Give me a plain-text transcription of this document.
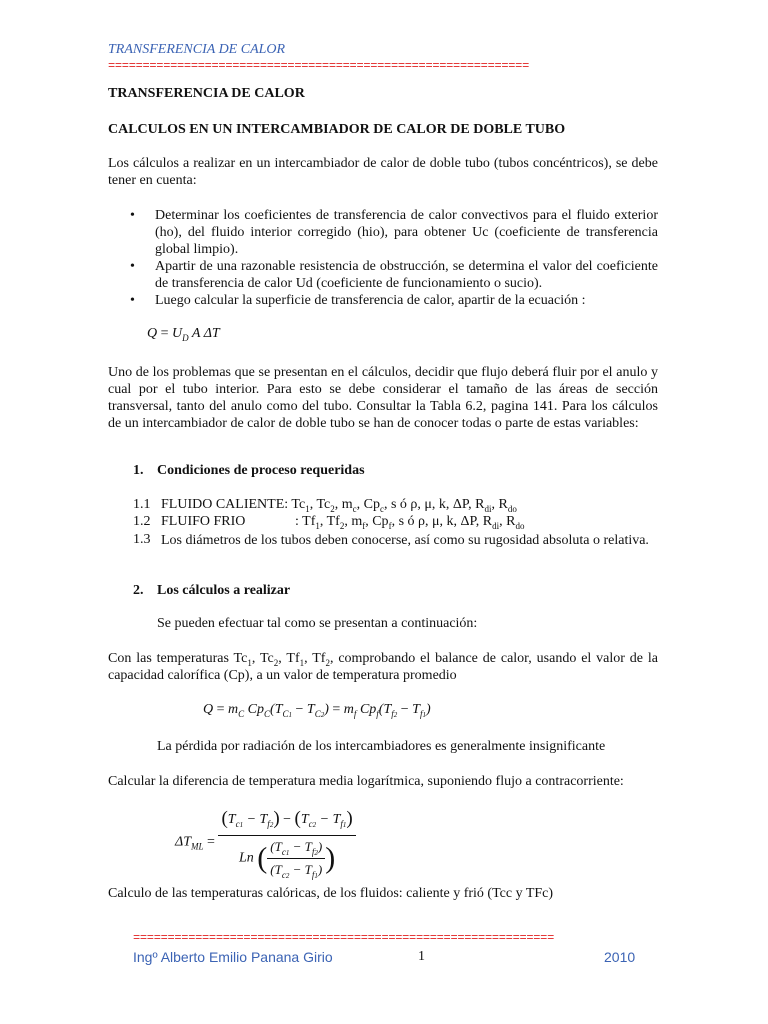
TRANSFERENCIA DE CALOR
=============================================================
TRANSFERENCIA DE CALOR
CALCULOS EN UN INTERCAMBIADOR DE CALOR DE DOBLE TUBO
Los cálculos a realizar en un intercambiador de calor de doble tubo (tubos concéntricos), se debe tener en cuenta:
• Determinar los coeficientes de transferencia de calor convectivos para el fluido exterior (ho), del fluido interior corregido (hio), para obtener Uc (coeficiente de transferencia global limpio).
• Apartir de una razonable resistencia de obstrucción, se determina el valor del coeficiente de transferencia de calor Ud (coeficiente de funcionamiento o sucio).
• Luego calcular la superficie de transferencia de calor, apartir de la ecuación :
$Q = U_D$ A ΔT
Uno de los problemas que se presentan en el cálculos, decidir que flujo deberá fluir por el anulo y cual por el tubo interior. Para esto se debe considerar el tamaño de las áreas de sección transversal, tanto del anulo como del tubo. Consultar la Tabla 6.2, pagina 141. Para los cálculos de un intercambiador de calor de doble tubo se han de conocer todas o parte de estas variables:
1. Condiciones de proceso requeridas
1.1 FLUIDO CALIENTE: $Tc_1$, $Tc_2$, $m_c$, $Cp_c$, s ó ρ, μ, k, ΔP, $R_{di}$, $R_{do}$
1.2 FLUIFO FRIO	: $Tf_1$, $Tf_2$, $m_f$, $Cp_f$, s ó ρ, μ, k, ΔP, $R_{di}$, $R_{do}$
1.3 Los diámetros de los tubos deben conocerse, así como su rugosidad absoluta o relativa.
2. Los cálculos a realizar
Se pueden efectuar tal como se presentan a continuación:
Con las temperaturas $Tc_1$, $Tc_2$, $Tf_1$, $Tf_2$, comprobando el balance de calor, usando el valor de la capacidad calorífica (Cp), a un valor de temperatura promedio
$Q = m_C$ $Cp_C(T_{C1} - T_{C2}) = m_f$ $Cp_f(T_{f2} - T_{f1})$
La pérdida por radiación de los intercambiadores es generalmente insignificante
Calcular la diferencia de temperatura media logarítmica, suponiendo flujo a contracorriente:
$\Delta T_{ML} = \frac{(T_{c1} - T_{f2}) - (T_{c2} - T_{f1})}{Ln ( \frac{(T_{c1} - T_{f2})}{(T_{c2} - T_{f1})} )}$
Calculo de las temperaturas calóricas, de los fluidos: caliente y frió (Tcc y TFc)
=============================================================
Ingº Alberto Emilio Panana Girio	1	2010
